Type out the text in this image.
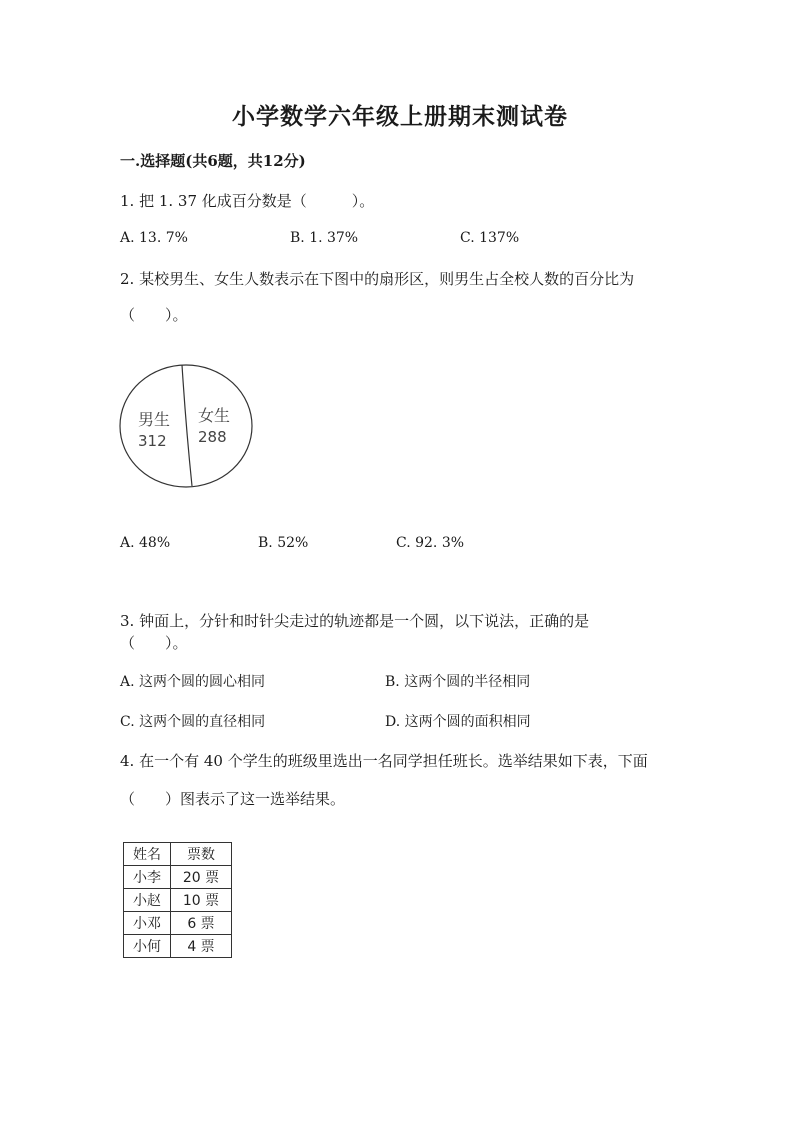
小学数学六年级上册期末测试卷
一.选择题(共6题，共12分)
1. 把 1. 37 化成百分数是（　　　）。
A. 13. 7%	B. 1. 37%	C. 137%
2. 某校男生、女生人数表示在下图中的扇形区，则男生占全校人数的百分比为
（　　）。
男生
312
女生
288
A. 48%	B. 52%	C. 92. 3%
3. 钟面上，分针和时针尖走过的轨迹都是一个圆，以下说法，正确的是
（　　）。
A. 这两个圆的圆心相同	B. 这两个圆的半径相同
C. 这两个圆的直径相同	D. 这两个圆的面积相同
4. 在一个有 40 个学生的班级里选出一名同学担任班长。选举结果如下表，下面
（　　）图表示了这一选举结果。
姓名	票数
小李	20 票
小赵	10 票
小邓	6 票
小何	4 票
